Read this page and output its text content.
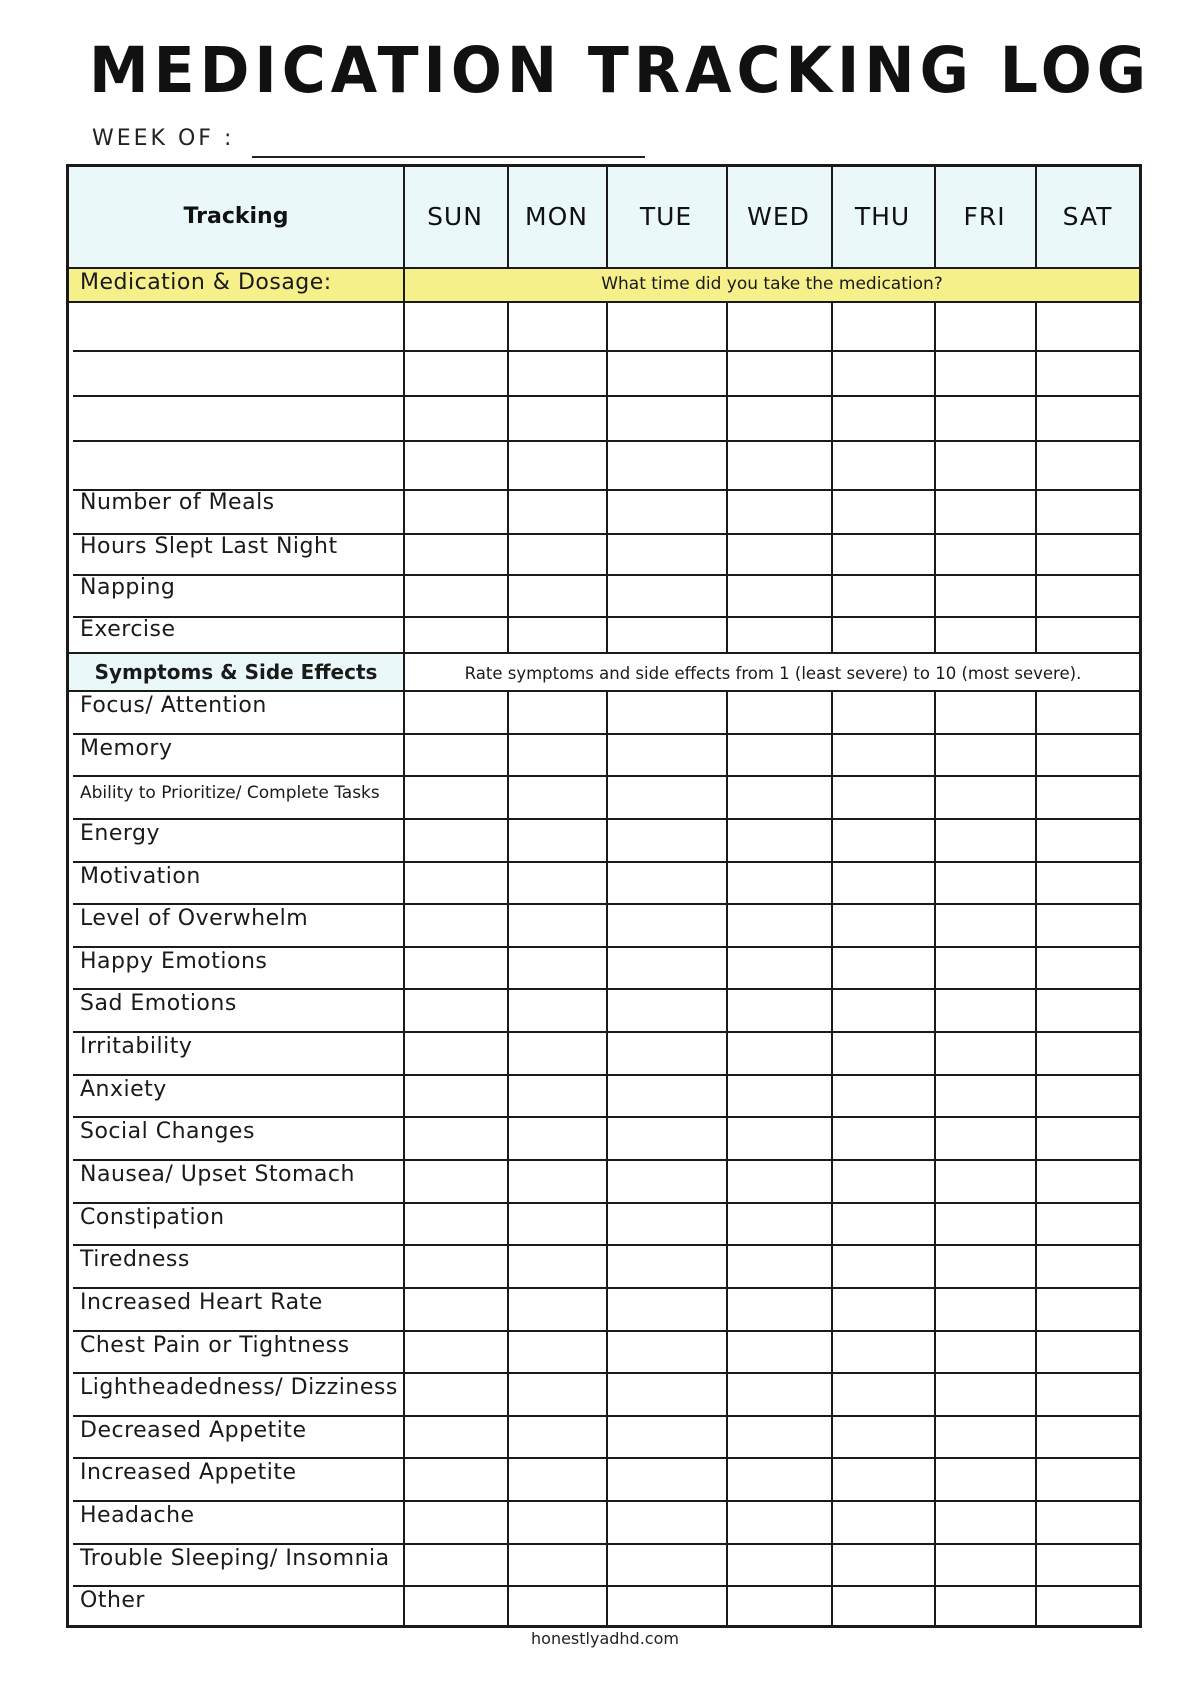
MEDICATION TRACKING LOG
WEEK OF :
Tracking	SUN	MON	TUE	WED	THU	FRI	SAT
Medication & Dosage:	What time did you take the medication?
Number of Meals
Hours Slept Last Night
Napping
Exercise
Symptoms & Side Effects	Rate symptoms and side effects from 1 (least severe) to 10 (most severe).
Focus/ Attention
Memory
Ability to Prioritize/ Complete Tasks
Energy
Motivation
Level of Overwhelm
Happy Emotions
Sad Emotions
Irritability
Anxiety
Social Changes
Nausea/ Upset Stomach
Constipation
Tiredness
Increased Heart Rate
Chest Pain or Tightness
Lightheadedness/ Dizziness
Decreased Appetite
Increased Appetite
Headache
Trouble Sleeping/ Insomnia
Other
honestlyadhd.com
